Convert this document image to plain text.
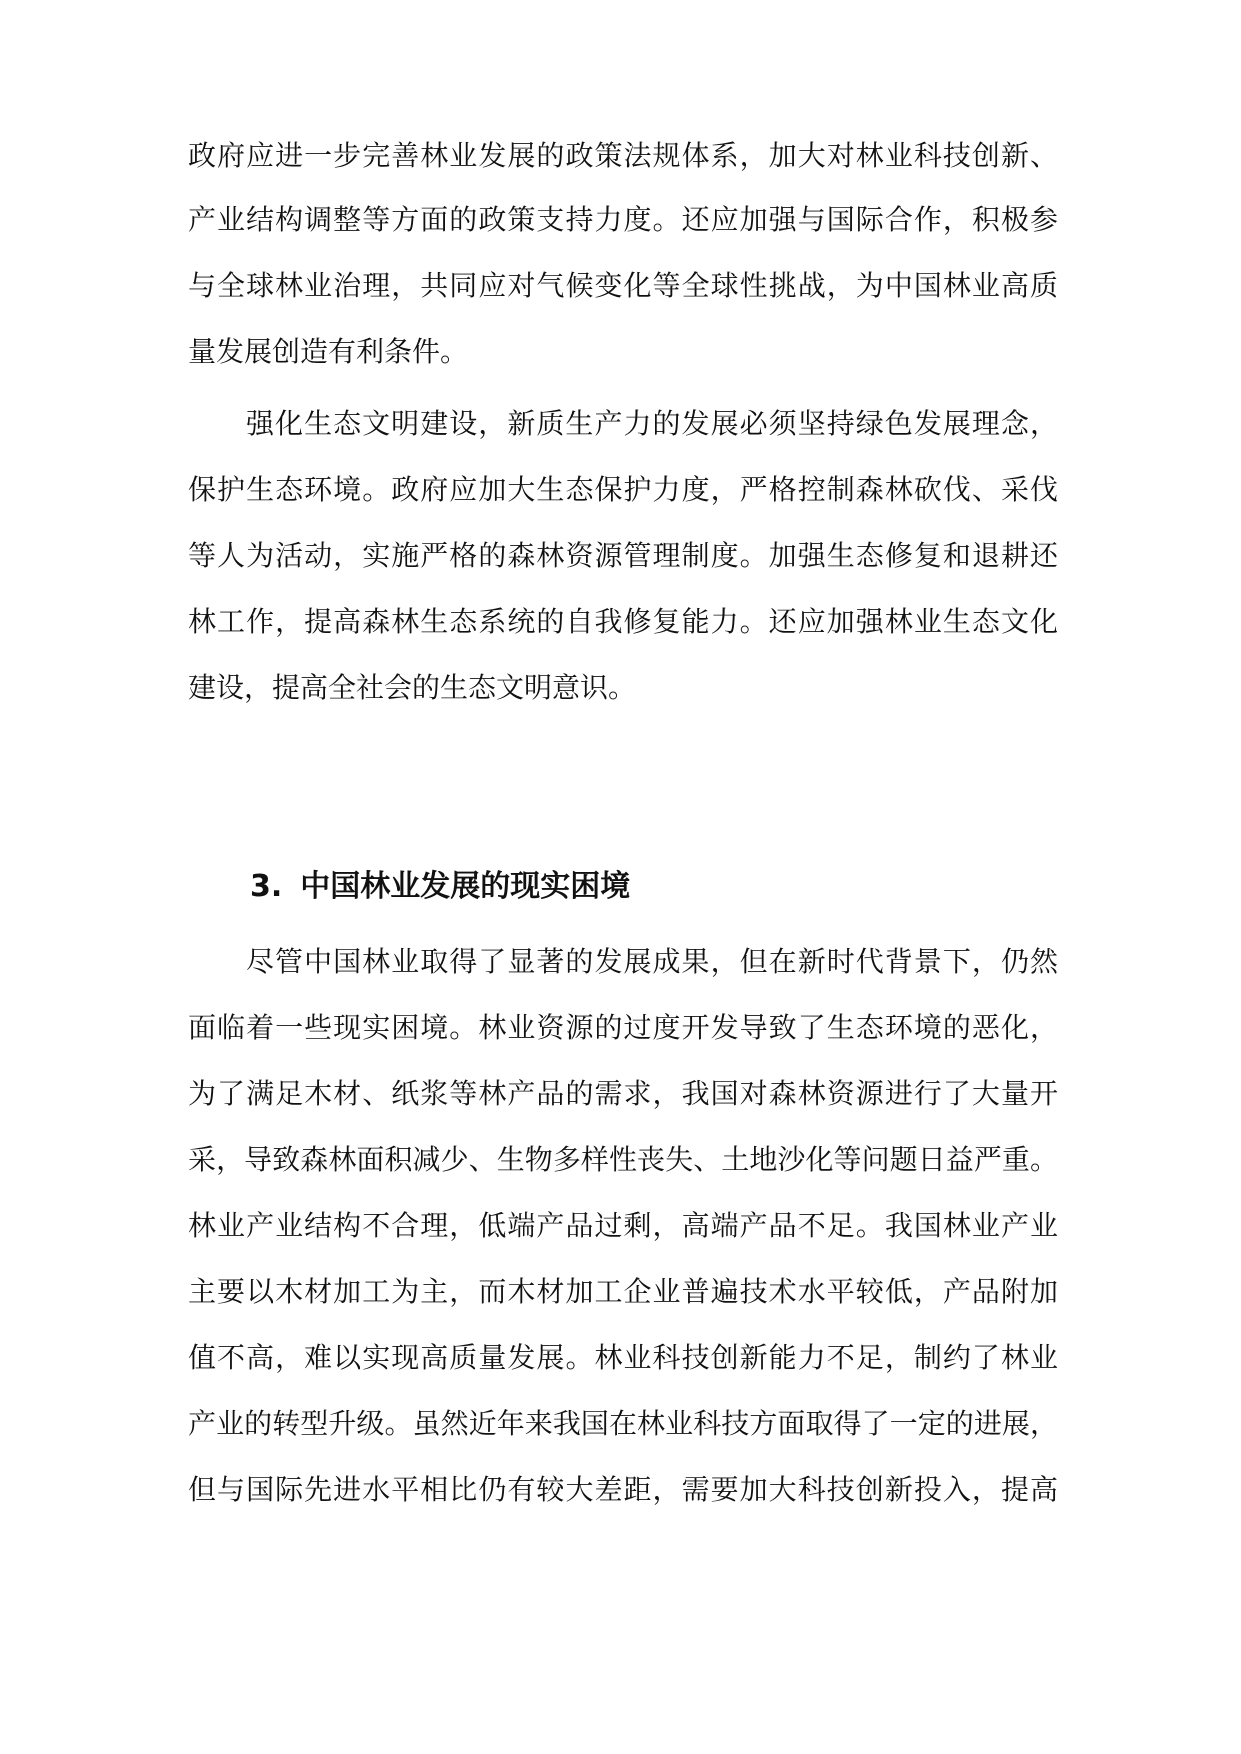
政府应进一步完善林业发展的政策法规体系，加大对林业科技创新、

产业结构调整等方面的政策支持力度。还应加强与国际合作，积极参

与全球林业治理，共同应对气候变化等全球性挑战，为中国林业高质

量发展创造有利条件。

强化生态文明建设，新质生产力的发展必须坚持绿色发展理念，

保护生态环境。政府应加大生态保护力度，严格控制森林砍伐、采伐

等人为活动，实施严格的森林资源管理制度。加强生态修复和退耕还

林工作，提高森林生态系统的自我修复能力。还应加强林业生态文化

建设，提高全社会的生态文明意识。

3. 中国林业发展的现实困境

尽管中国林业取得了显著的发展成果，但在新时代背景下，仍然

面临着一些现实困境。林业资源的过度开发导致了生态环境的恶化，

为了满足木材、纸浆等林产品的需求，我国对森林资源进行了大量开

采，导致森林面积减少、生物多样性丧失、土地沙化等问题日益严重。

林业产业结构不合理，低端产品过剩，高端产品不足。我国林业产业

主要以木材加工为主，而木材加工企业普遍技术水平较低，产品附加

值不高，难以实现高质量发展。林业科技创新能力不足，制约了林业

产业的转型升级。虽然近年来我国在林业科技方面取得了一定的进展，

但与国际先进水平相比仍有较大差距，需要加大科技创新投入，提高
